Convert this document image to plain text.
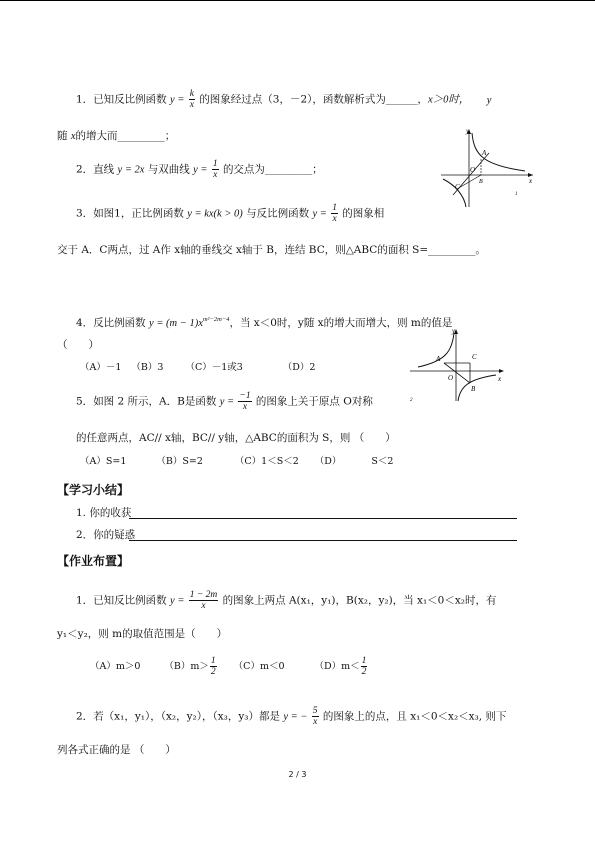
1．已知反比例函数 $y = \frac{k}{x}$ 的图象经过点（3，－2），函数解析式为______，x＞0时， y
随 x的增大而_________；
2．直线 y = 2x 与双曲线 $y = \frac{1}{x}$ 的交点为_________；
y
A
O
B
C
x
1
3．如图1，正比例函数 y = kx(k > 0) 与反比例函数 $y = \frac{1}{x}$ 的图象相
交于 A．C两点，过 A作 x轴的垂线交 x轴于 B，连结 BC，则△ABC的面积 S=_________。
4．反比例函数 $y = (m - 1)x^{m^2-2m-4}$，当 x＜0时，y随 x的增大而增大，则 m的值是
（　　）
（A）－1 （B）3 （C）－1或3	（D）2
y
A	C
O
B
x
2
5．如图 2 所示，A．B是函数 $y = \frac{-1}{x}$ 的图象上关于原点 O对称
的任意两点，AC// x轴，BC// y轴，△ABC的面积为 S，则 （　　）
（A）S=1	（B）S=2	（C）1＜S＜2 （D）	S＜2
【学习小结】
1. 你的收获
2．你的疑惑
【作业布置】
1．已知反比例函数 $y = \frac{1 - 2m}{x}$ 的图象上两点 A(x₁，y₁)，B(x₂，y₂)，当 x₁＜0＜x₂时，有
y₁＜y₂，则 m的取值范围是（　　）
（A）m＞0	$(B)m> \frac{1}{2} (C)m<0$	$(D)m< \frac{1}{2}$
2．若（x₁，y₁），（x₂，y₂），（x₃，y₃）都是 y = − $\frac{5}{x}$ 的图象上的点，且 x₁＜0＜x₂＜x₃, 则下
列各式正确的是 （　　）
2 / 3
